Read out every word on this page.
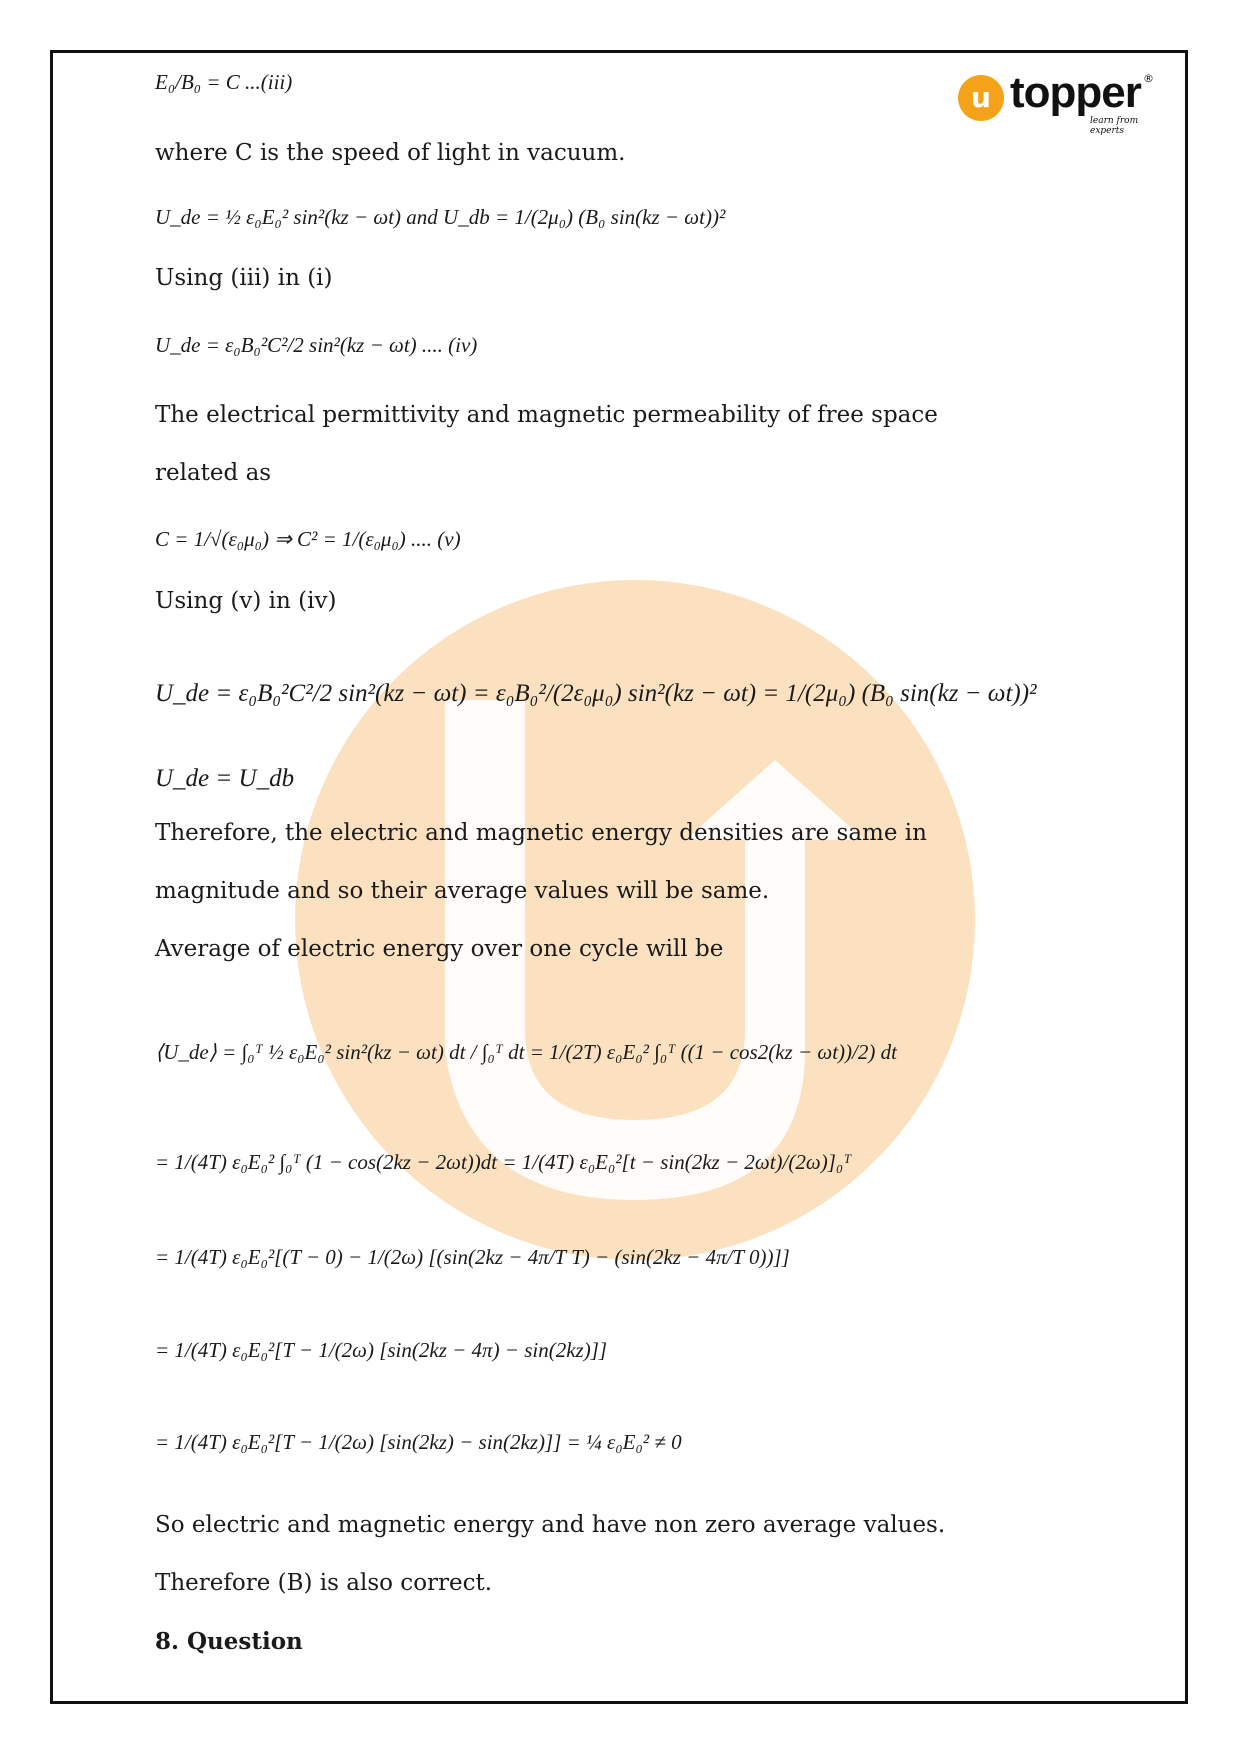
u topper ®
learn from experts
E₀/B₀ = C ...(iii)
where C is the speed of light in vacuum.
U_de = ½ ε₀E₀² sin²(kz − ωt) and U_db = 1/(2μ₀) (B₀ sin(kz − ωt))²
Using (iii) in (i)
U_de = ε₀B₀²C²/2 sin²(kz − ωt) .... (iv)
The electrical permittivity and magnetic permeability of free space
related as
C = 1/√(ε₀μ₀) ⇒ C² = 1/(ε₀μ₀) .... (v)
Using (v) in (iv)
U_de = ε₀B₀²C²/2 sin²(kz − ωt) = ε₀B₀²/(2ε₀μ₀) sin²(kz − ωt) = 1/(2μ₀) (B₀ sin(kz − ωt))²
U_de = U_db
Therefore, the electric and magnetic energy densities are same in
magnitude and so their average values will be same.
Average of electric energy over one cycle will be
⟨U_de⟩ = ∫₀ᵀ ½ ε₀E₀² sin²(kz − ωt) dt / ∫₀ᵀ dt = 1/(2T) ε₀E₀² ∫₀ᵀ ((1 − cos2(kz − ωt))/2) dt
= 1/(4T) ε₀E₀² ∫₀ᵀ (1 − cos(2kz − 2ωt))dt = 1/(4T) ε₀E₀²[t − sin(2kz − 2ωt)/(2ω)]₀ᵀ
= 1/(4T) ε₀E₀²[(T − 0) − 1/(2ω) [(sin(2kz − 4π/T T) − (sin(2kz − 4π/T 0))]]
= 1/(4T) ε₀E₀²[T − 1/(2ω) [sin(2kz − 4π) − sin(2kz)]]
= 1/(4T) ε₀E₀²[T − 1/(2ω) [sin(2kz) − sin(2kz)]] = ¼ ε₀E₀² ≠ 0
So electric and magnetic energy and have non zero average values.
Therefore (B) is also correct.
8. Question
